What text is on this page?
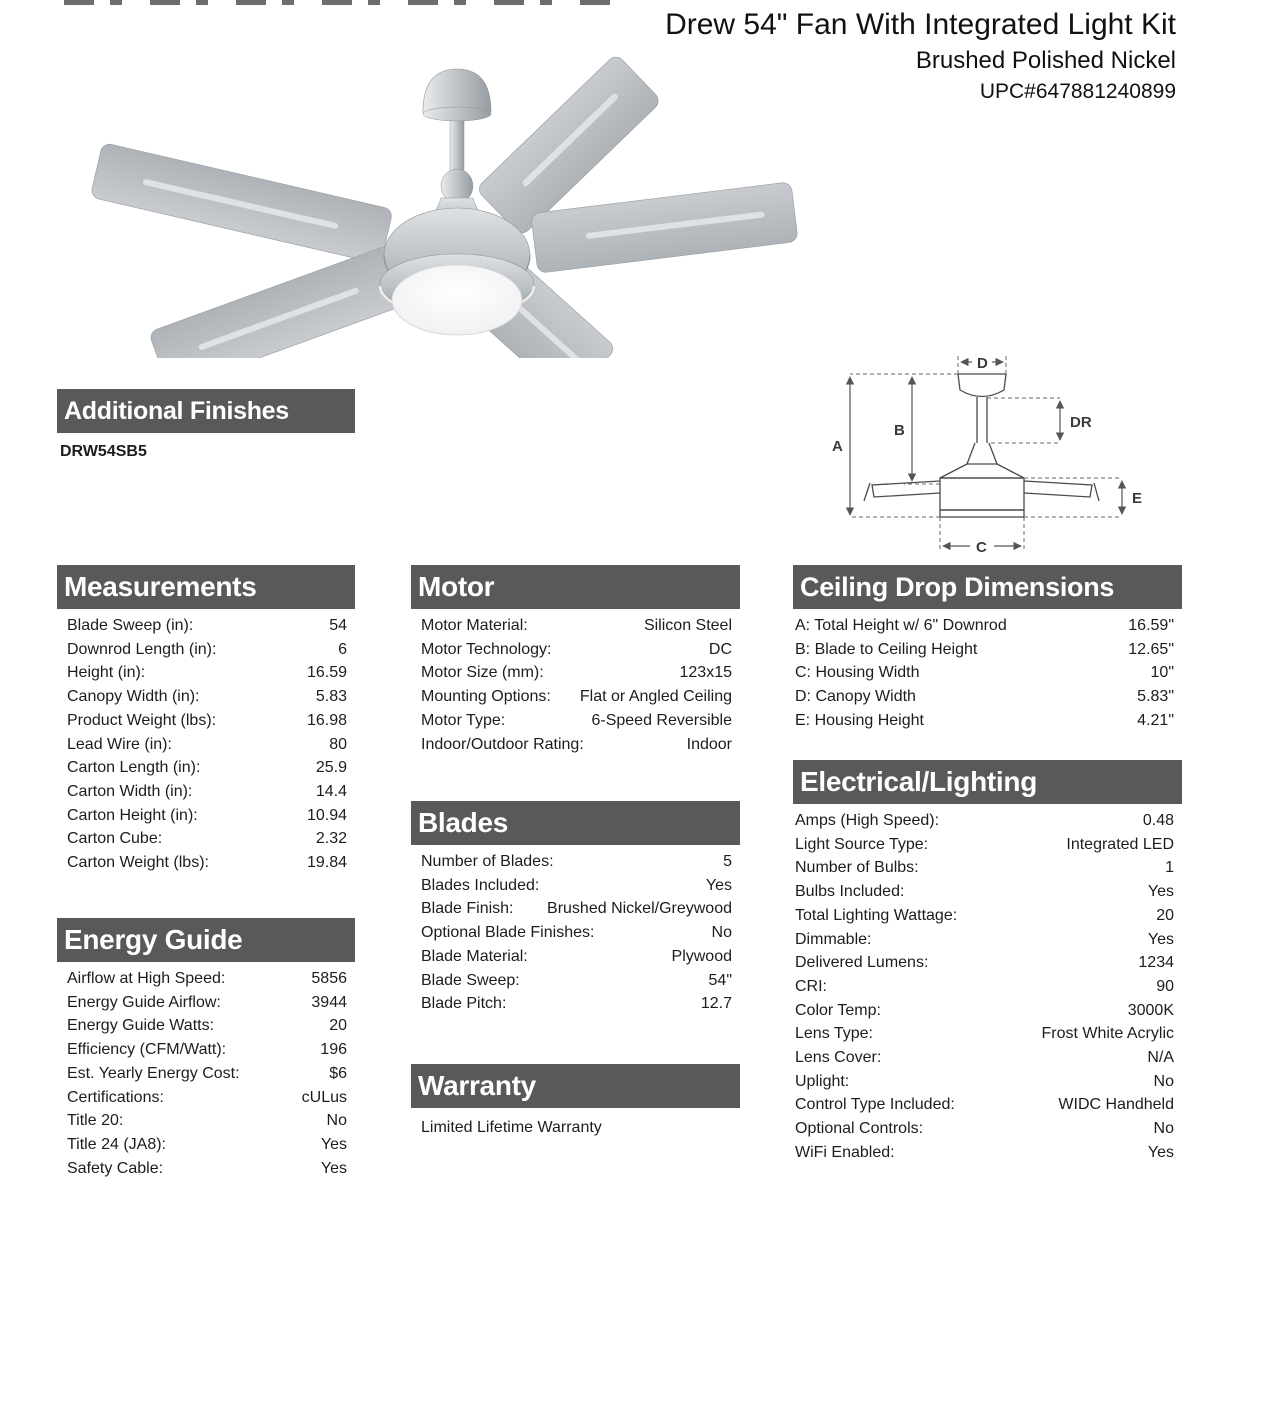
Drew 54" Fan With Integrated Light Kit
Brushed Polished Nickel
UPC#647881240899
D
A
B	DR
E
C
Additional Finishes
DRW54SB5
Measurements
Blade Sweep (in):	54
Downrod Length (in):	6
Height (in):	16.59
Canopy Width (in):	5.83
Product Weight (lbs):	16.98
Lead Wire (in):	80
Carton Length (in):	25.9
Carton Width (in):	14.4
Carton Height (in):	10.94
Carton Cube:	2.32
Carton Weight (lbs):	19.84
Energy Guide
Airflow at High Speed:	5856
Energy Guide Airflow:	3944
Energy Guide Watts:	20
Efficiency (CFM/Watt):	196
Est. Yearly Energy Cost:	$6
Certifications:	cULus
Title 20:	No
Title 24 (JA8):	Yes
Safety Cable:	Yes
Motor
Motor Material:	Silicon Steel
Motor Technology:	DC
Motor Size (mm):	123x15
Mounting Options: Flat or Angled Ceiling
Motor Type:	6-Speed Reversible
Indoor/Outdoor Rating:	Indoor
Blades
Number of Blades:	5
Blades Included:	Yes
Blade Finish: Brushed Nickel/Greywood
Optional Blade Finishes:	No
Blade Material:	Plywood
Blade Sweep:	54"
Blade Pitch:	12.7
Warranty
Limited Lifetime Warranty
Ceiling Drop Dimensions
A: Total Height w/ 6" Downrod	16.59"
B: Blade to Ceiling Height	12.65"
C: Housing Width	10"
D: Canopy Width	5.83"
E: Housing Height	4.21"
Electrical/Lighting
Amps (High Speed):	0.48
Light Source Type:	Integrated LED
Number of Bulbs:	1
Bulbs Included:	Yes
Total Lighting Wattage:	20
Dimmable:	Yes
Delivered Lumens:	1234
CRI:	90
Color Temp:	3000K
Lens Type:	Frost White Acrylic
Lens Cover:	N/A
Uplight:	No
Control Type Included:	WIDC Handheld
Optional Controls:	No
WiFi Enabled:	Yes
